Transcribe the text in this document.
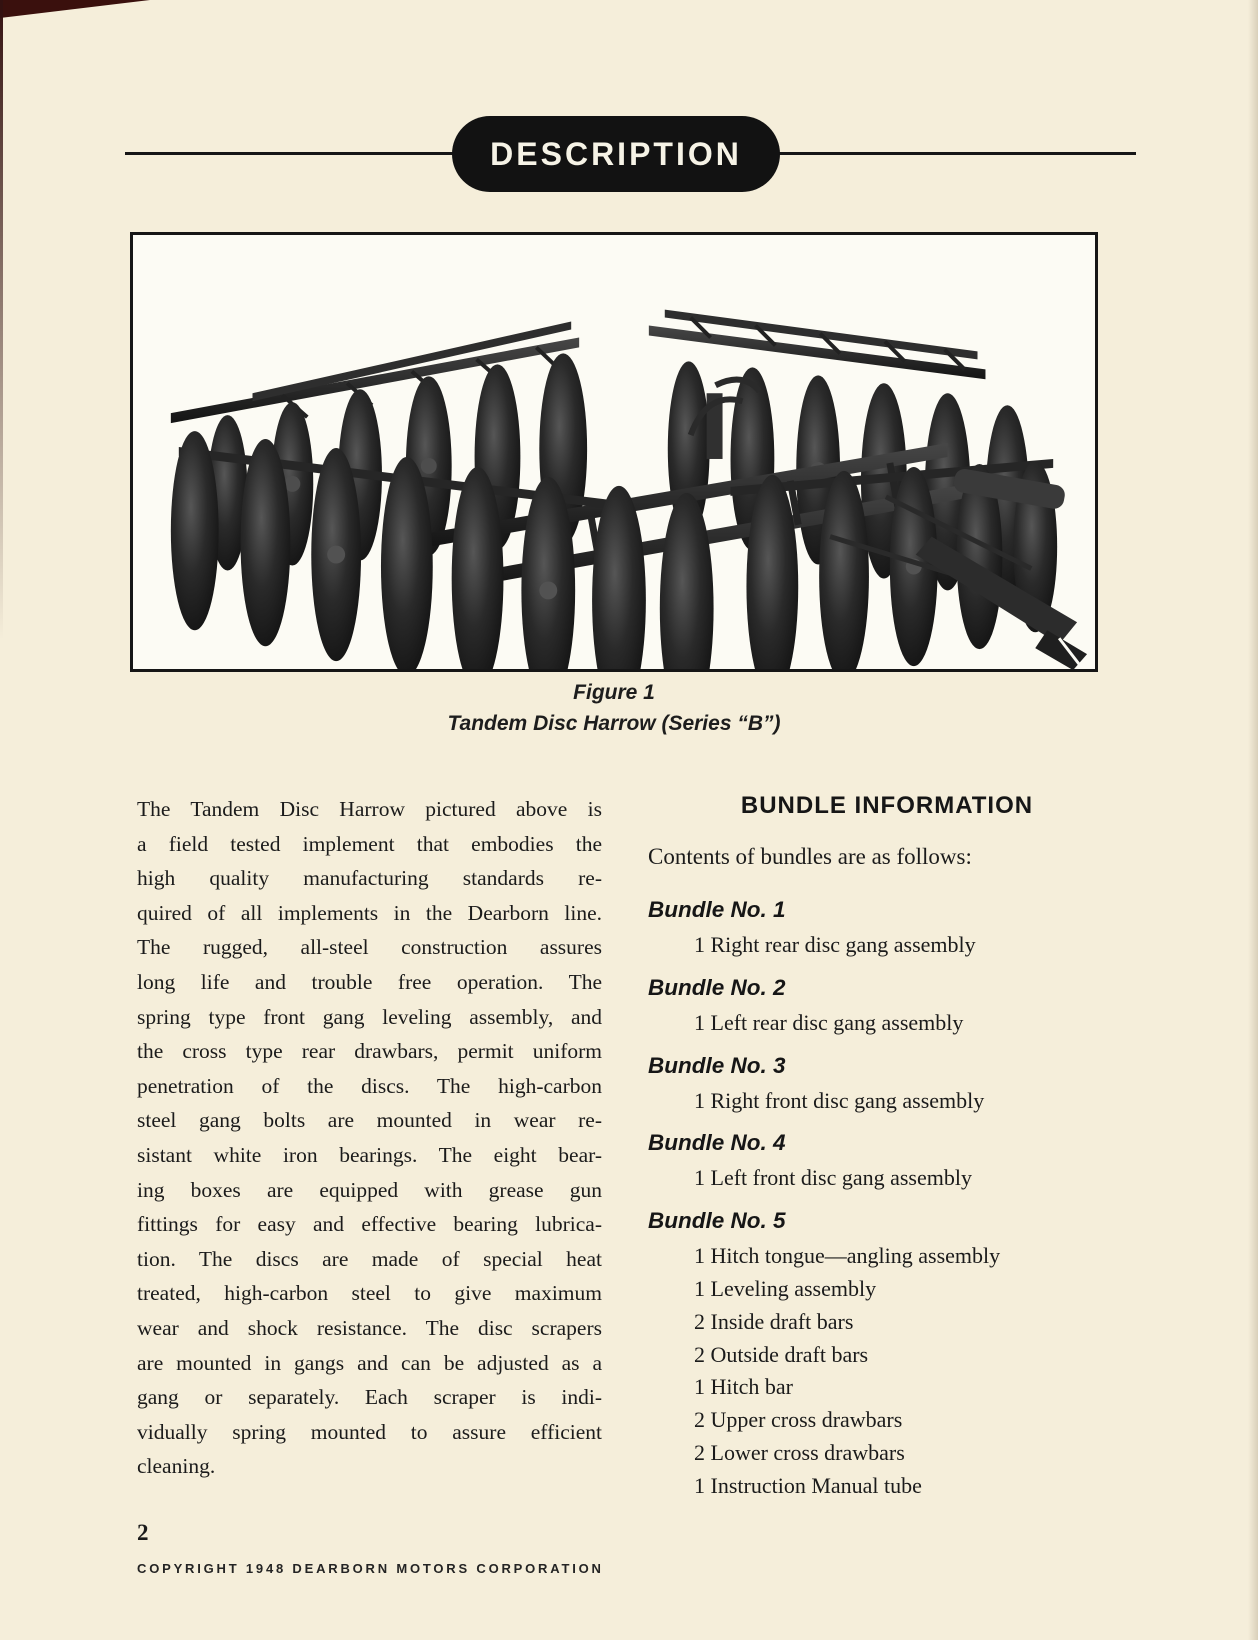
DESCRIPTION
Figure 1
Tandem Disc Harrow (Series “B”)
The Tandem Disc Harrow pictured above is
a field tested implement that embodies the
high quality manufacturing standards re-
quired of all implements in the Dearborn line.
The rugged, all-steel construction assures
long life and trouble free operation. The
spring type front gang leveling assembly, and
the cross type rear drawbars, permit uniform
penetration of the discs. The high-carbon
steel gang bolts are mounted in wear re-
sistant white iron bearings. The eight bear-
ing boxes are equipped with grease gun
fittings for easy and effective bearing lubrica-
tion. The discs are made of special heat
treated, high-carbon steel to give maximum
wear and shock resistance. The disc scrapers
are mounted in gangs and can be adjusted as a
gang or separately. Each scraper is indi-
vidually spring mounted to assure efficient
cleaning.
BUNDLE INFORMATION
Contents of bundles are as follows:
Bundle No. 1
1 Right rear disc gang assembly
Bundle No. 2
1 Left rear disc gang assembly
Bundle No. 3
1 Right front disc gang assembly
Bundle No. 4
1 Left front disc gang assembly
Bundle No. 5
1 Hitch tongue—angling assembly
1 Leveling assembly
2 Inside draft bars
2 Outside draft bars
1 Hitch bar
2 Upper cross drawbars
2 Lower cross drawbars
1 Instruction Manual tube
2
COPYRIGHT 1948 DEARBORN MOTORS CORPORATION
